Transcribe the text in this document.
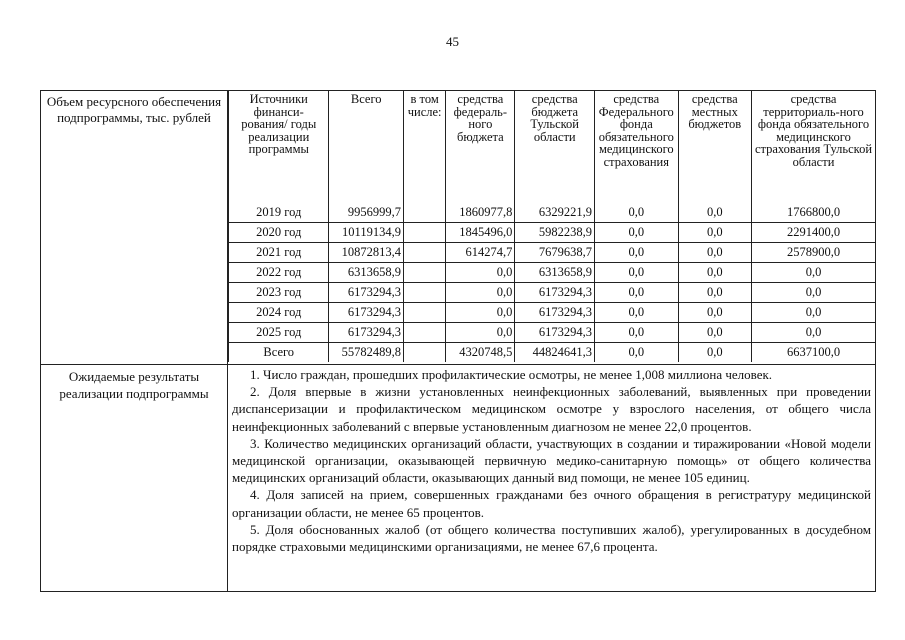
45
Объем ресурсного обеспечения подпрограммы, тыс. рублей
Источники финанси-рования/ годы реализации программы	Всего	в том числе:	средства федераль-ного бюджета	средства бюджета Тульской области	средства Федерального фонда обязательного медицинского страхования	средства местных бюджетов	средства территориаль-ного фонда обязательного медицинского страхования Тульской области
2019 год	9956999,7		1860977,8	6329221,9	0,0	0,0	1766800,0
2020 год	10119134,9		1845496,0	5982238,9	0,0	0,0	2291400,0
2021 год	10872813,4		614274,7	7679638,7	0,0	0,0	2578900,0
2022 год	6313658,9		0,0	6313658,9	0,0	0,0	0,0
2023 год	6173294,3		0,0	6173294,3	0,0	0,0	0,0
2024 год	6173294,3		0,0	6173294,3	0,0	0,0	0,0
2025 год	6173294,3		0,0	6173294,3	0,0	0,0	0,0
Всего	55782489,8		4320748,5	44824641,3	0,0	0,0	6637100,0
Ожидаемые результаты реализации подпрограммы

1. Число граждан, прошедших профилактические осмотры, не менее 1,008 миллиона человек.

2. Доля впервые в жизни установленных неинфекционных заболеваний, выявленных при проведении диспансеризации и профилактическом медицинском осмотре у взрослого населения, от общего числа неинфекционных заболеваний с впервые установленным диагнозом не менее 22,0 процентов.

3. Количество медицинских организаций области, участвующих в создании и тиражировании «Новой модели медицинской организации, оказывающей первичную медико-санитарную помощь» от общего количества медицинских организаций области, оказывающих данный вид помощи, не менее 105 единиц.

4. Доля записей на прием, совершенных гражданами без очного обращения в регистратуру медицинской организации области, не менее 65 процентов.

5. Доля обоснованных жалоб (от общего количества поступивших жалоб), урегулированных в досудебном порядке страховыми медицинскими организациями, не менее 67,6 процента.
